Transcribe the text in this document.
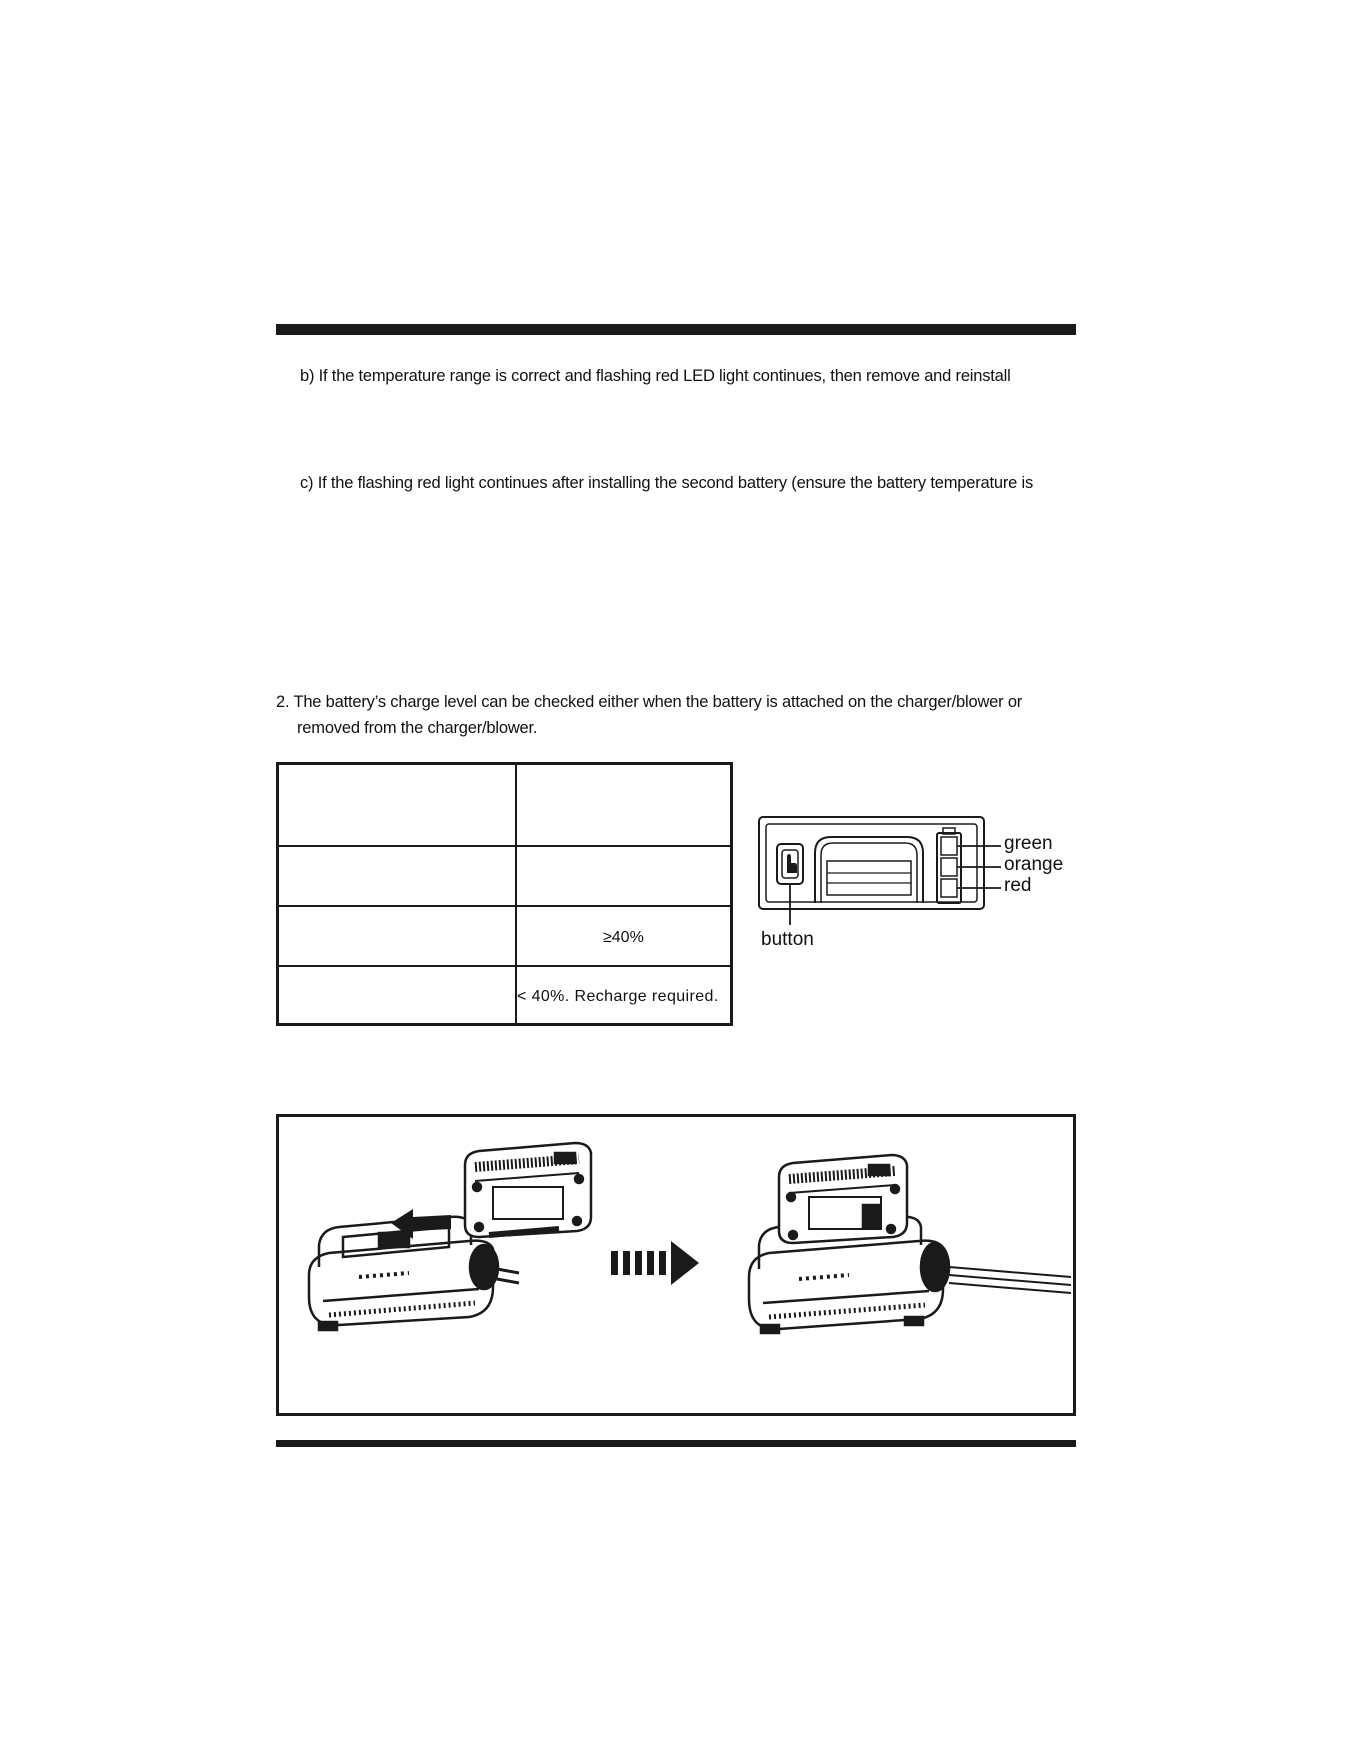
b) If the temperature range is correct and flashing red LED light continues, then remove and reinstall
c) If the flashing red light continues after installing the second battery (ensure the battery temperature is
2. The battery’s charge level can be checked either when the battery is attached on the charger/blower or
removed from the charger/blower.
≥40%
< 40%. Recharge required.
green
orange
red
button
